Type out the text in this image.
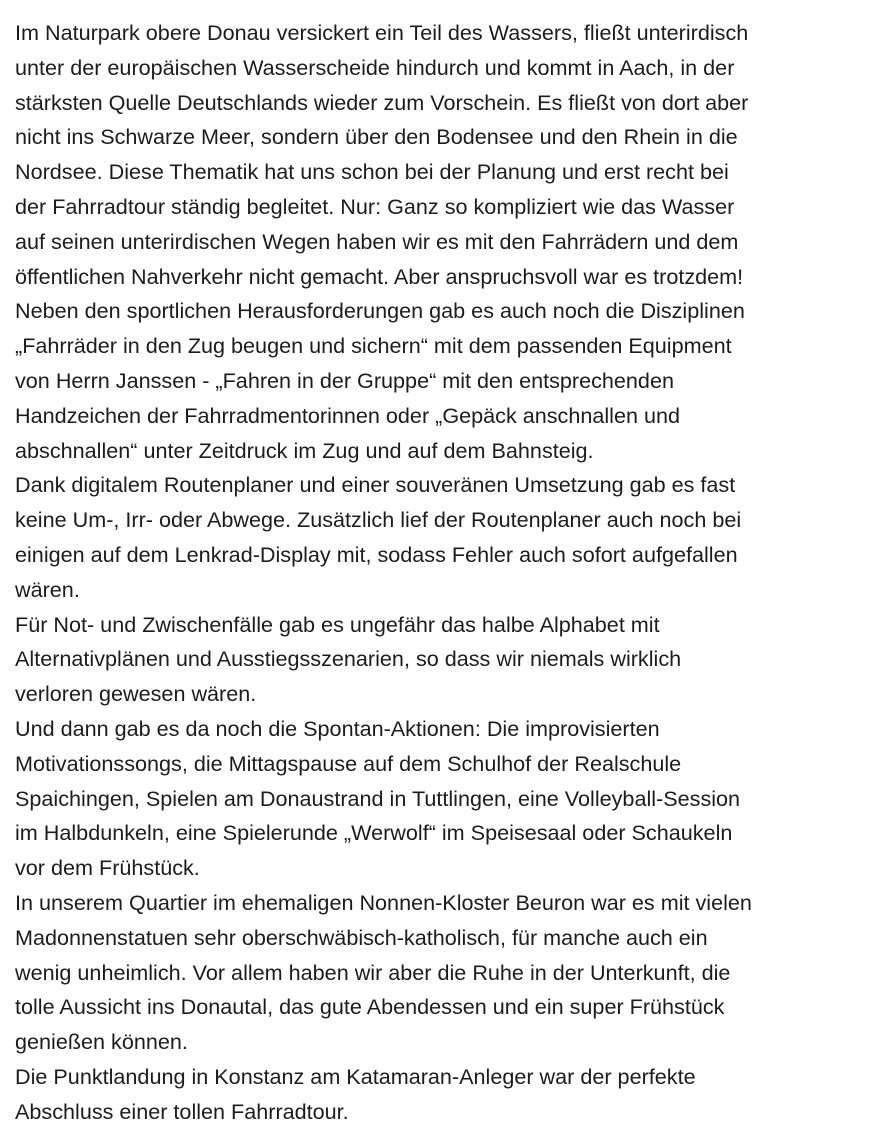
Im Naturpark obere Donau versickert ein Teil des Wassers, fließt unterirdisch
unter der europäischen Wasserscheide hindurch und kommt in Aach, in der
stärksten Quelle Deutschlands wieder zum Vorschein. Es fließt von dort aber
nicht ins Schwarze Meer, sondern über den Bodensee und den Rhein in die
Nordsee. Diese Thematik hat uns schon bei der Planung und erst recht bei
der Fahrradtour ständig begleitet. Nur: Ganz so kompliziert wie das Wasser
auf seinen unterirdischen Wegen haben wir es mit den Fahrrädern und dem
öffentlichen Nahverkehr nicht gemacht. Aber anspruchsvoll war es trotzdem!
Neben den sportlichen Herausforderungen gab es auch noch die Disziplinen
„Fahrräder in den Zug beugen und sichern“ mit dem passenden Equipment
von Herrn Janssen - „Fahren in der Gruppe“ mit den entsprechenden
Handzeichen der Fahrradmentorinnen oder „Gepäck anschnallen und
abschnallen“ unter Zeitdruck im Zug und auf dem Bahnsteig.

Dank digitalem Routenplaner und einer souveränen Umsetzung gab es fast
keine Um-, Irr- oder Abwege. Zusätzlich lief der Routenplaner auch noch bei
einigen auf dem Lenkrad-Display mit, sodass Fehler auch sofort aufgefallen
wären.

Für Not- und Zwischenfälle gab es ungefähr das halbe Alphabet mit
Alternativplänen und Ausstiegsszenarien, so dass wir niemals wirklich
verloren gewesen wären.

Und dann gab es da noch die Spontan-Aktionen: Die improvisierten
Motivationssongs, die Mittagspause auf dem Schulhof der Realschule
Spaichingen, Spielen am Donaustrand in Tuttlingen, eine Volleyball-Session
im Halbdunkeln, eine Spielerunde „Werwolf“ im Speisesaal oder Schaukeln
vor dem Frühstück.

In unserem Quartier im ehemaligen Nonnen-Kloster Beuron war es mit vielen
Madonnenstatuen sehr oberschwäbisch-katholisch, für manche auch ein
wenig unheimlich. Vor allem haben wir aber die Ruhe in der Unterkunft, die
tolle Aussicht ins Donautal, das gute Abendessen und ein super Frühstück
genießen können.

Die Punktlandung in Konstanz am Katamaran-Anleger war der perfekte
Abschluss einer tollen Fahrradtour.
